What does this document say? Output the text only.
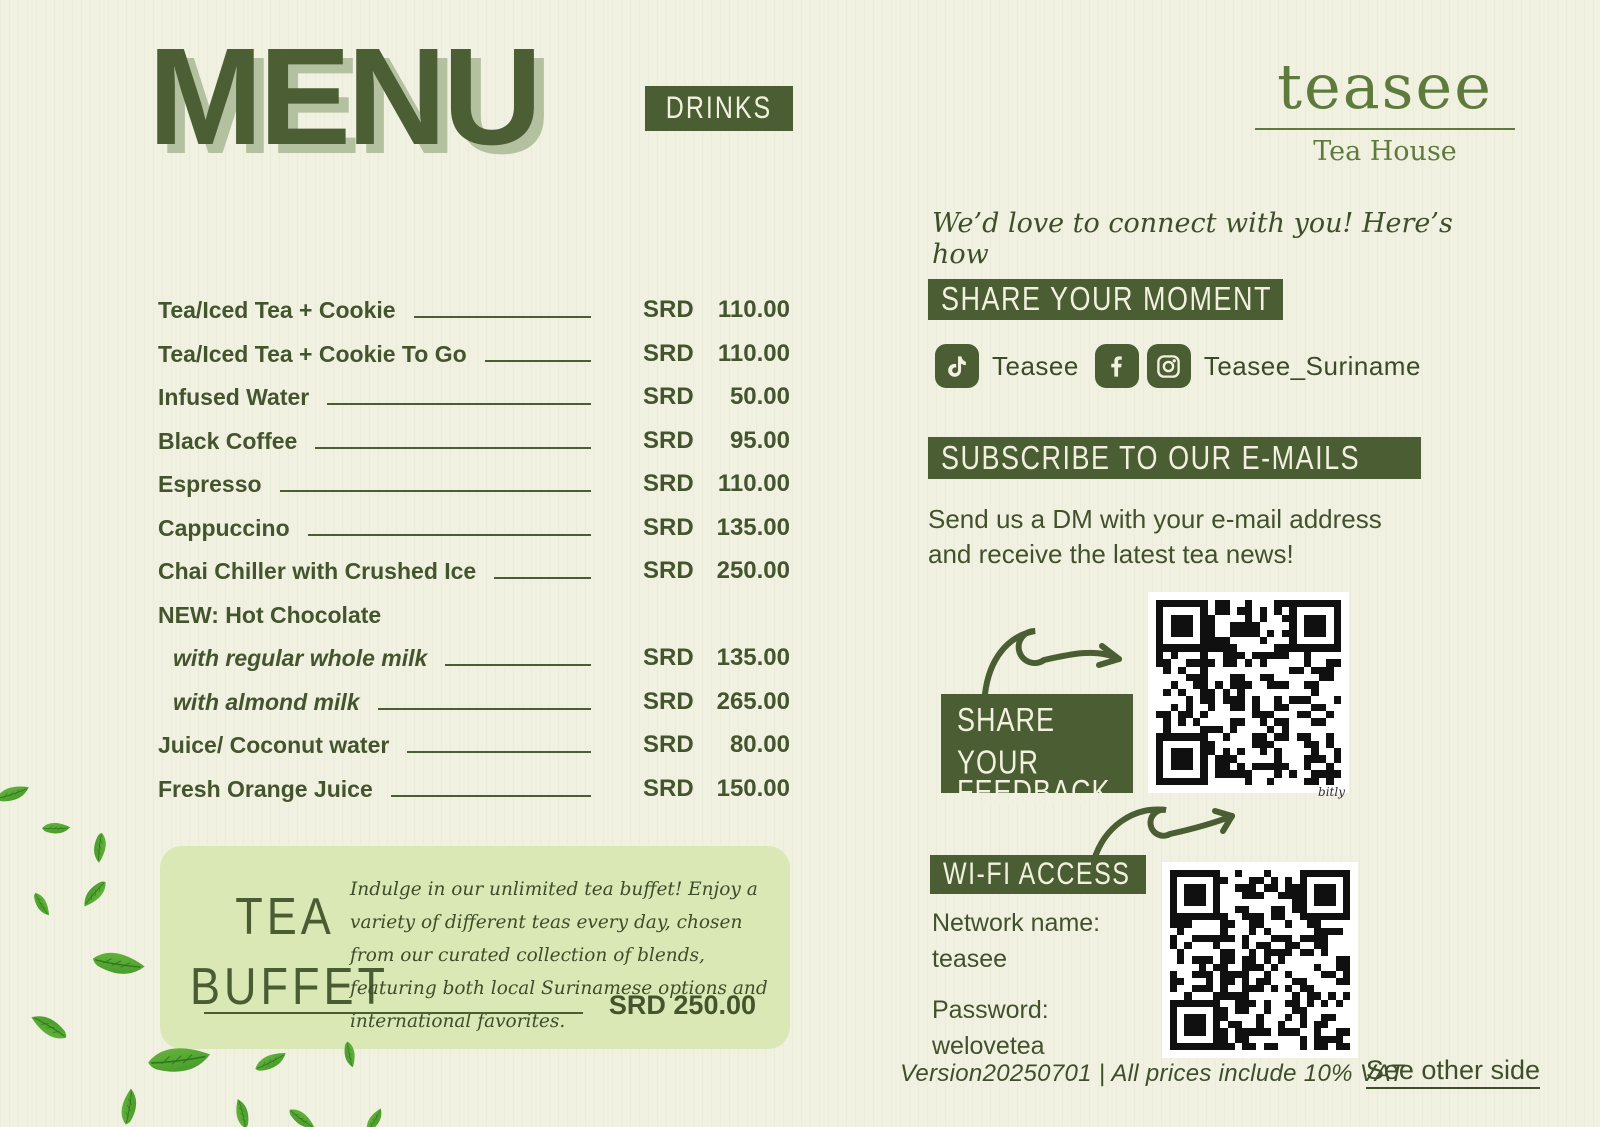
MENU	DRINKS
Tea/Iced Tea + Cookie	SRD 110.00
Tea/Iced Tea + Cookie To Go	SRD 110.00
Infused Water	SRD 50.00
Black Coffee	SRD 95.00
Espresso	SRD 110.00
Cappuccino	SRD 135.00
Chai Chiller with Crushed Ice	SRD 250.00
NEW: Hot Chocolate
with regular whole milk	SRD 135.00
with almond milk	SRD 265.00
Juice/ Coconut water	SRD 80.00
Fresh Orange Juice	SRD 150.00
TEA
BUFFET
Indulge in our unlimited tea buffet! Enjoy a variety of different teas every day, chosen from our curated collection of blends, featuring both local Surinamese options and international favorites.
SRD 250.00
teasee
Tea House
We’d love to connect with you! Here’s how
SHARE YOUR MOMENT
Teasee	Teasee_Suriname
SUBSCRIBE TO OUR E-MAILS
Send us a DM with your e-mail address and receive the latest tea news!
SHARE YOUR
FEEDBACK	bitly
WI-FI ACCESS
Network name:
teasee
Password:
welovetea
Version20250701 | All prices include 10% VAT
See other side
